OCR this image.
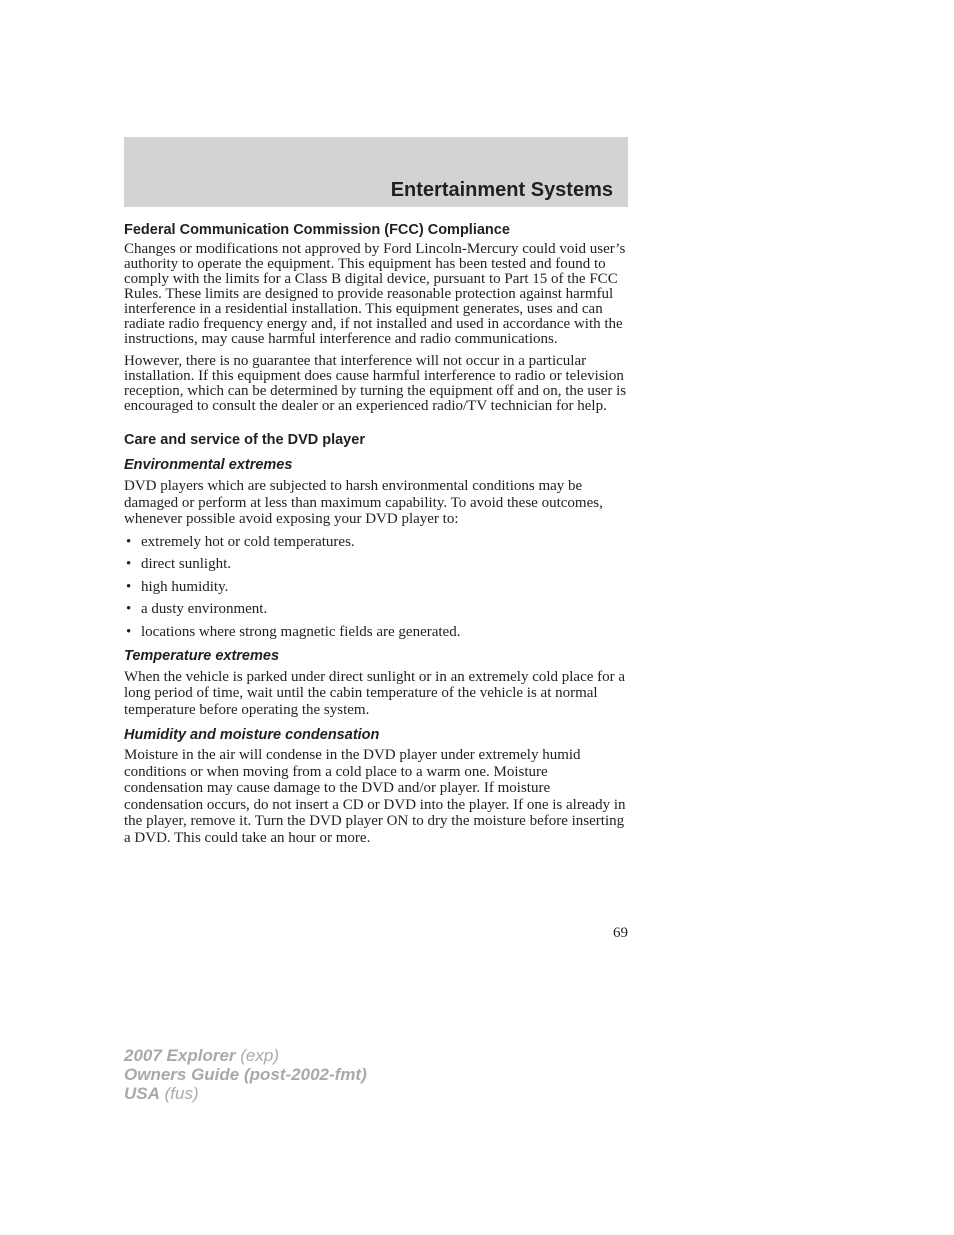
Entertainment Systems
Federal Communication Commission (FCC) Compliance

Changes or modifications not approved by Ford Lincoln-Mercury could void user’s authority to operate the equipment. This equipment has been tested and found to comply with the limits for a Class B digital device, pursuant to Part 15 of the FCC Rules. These limits are designed to provide reasonable protection against harmful interference in a residential installation. This equipment generates, uses and can radiate radio frequency energy and, if not installed and used in accordance with the instructions, may cause harmful interference and radio communications.

However, there is no guarantee that interference will not occur in a particular installation. If this equipment does cause harmful interference to radio or television reception, which can be determined by turning the equipment off and on, the user is encouraged to consult the dealer or an experienced radio/TV technician for help.

Care and service of the DVD player
Environmental extremes

DVD players which are subjected to harsh environmental conditions may be damaged or perform at less than maximum capability. To avoid these outcomes, whenever possible avoid exposing your DVD player to:

• extremely hot or cold temperatures.
• direct sunlight.
• high humidity.
• a dusty environment.
• locations where strong magnetic fields are generated.
Temperature extremes

When the vehicle is parked under direct sunlight or in an extremely cold place for a long period of time, wait until the cabin temperature of the vehicle is at normal temperature before operating the system.

Humidity and moisture condensation

Moisture in the air will condense in the DVD player under extremely humid conditions or when moving from a cold place to a warm one. Moisture condensation may cause damage to the DVD and/or player. If moisture condensation occurs, do not insert a CD or DVD into the player. If one is already in the player, remove it. Turn the DVD player ON to dry the moisture before inserting a DVD. This could take an hour or more.

69
2007 Explorer (exp)
Owners Guide (post-2002-fmt)
USA (fus)
